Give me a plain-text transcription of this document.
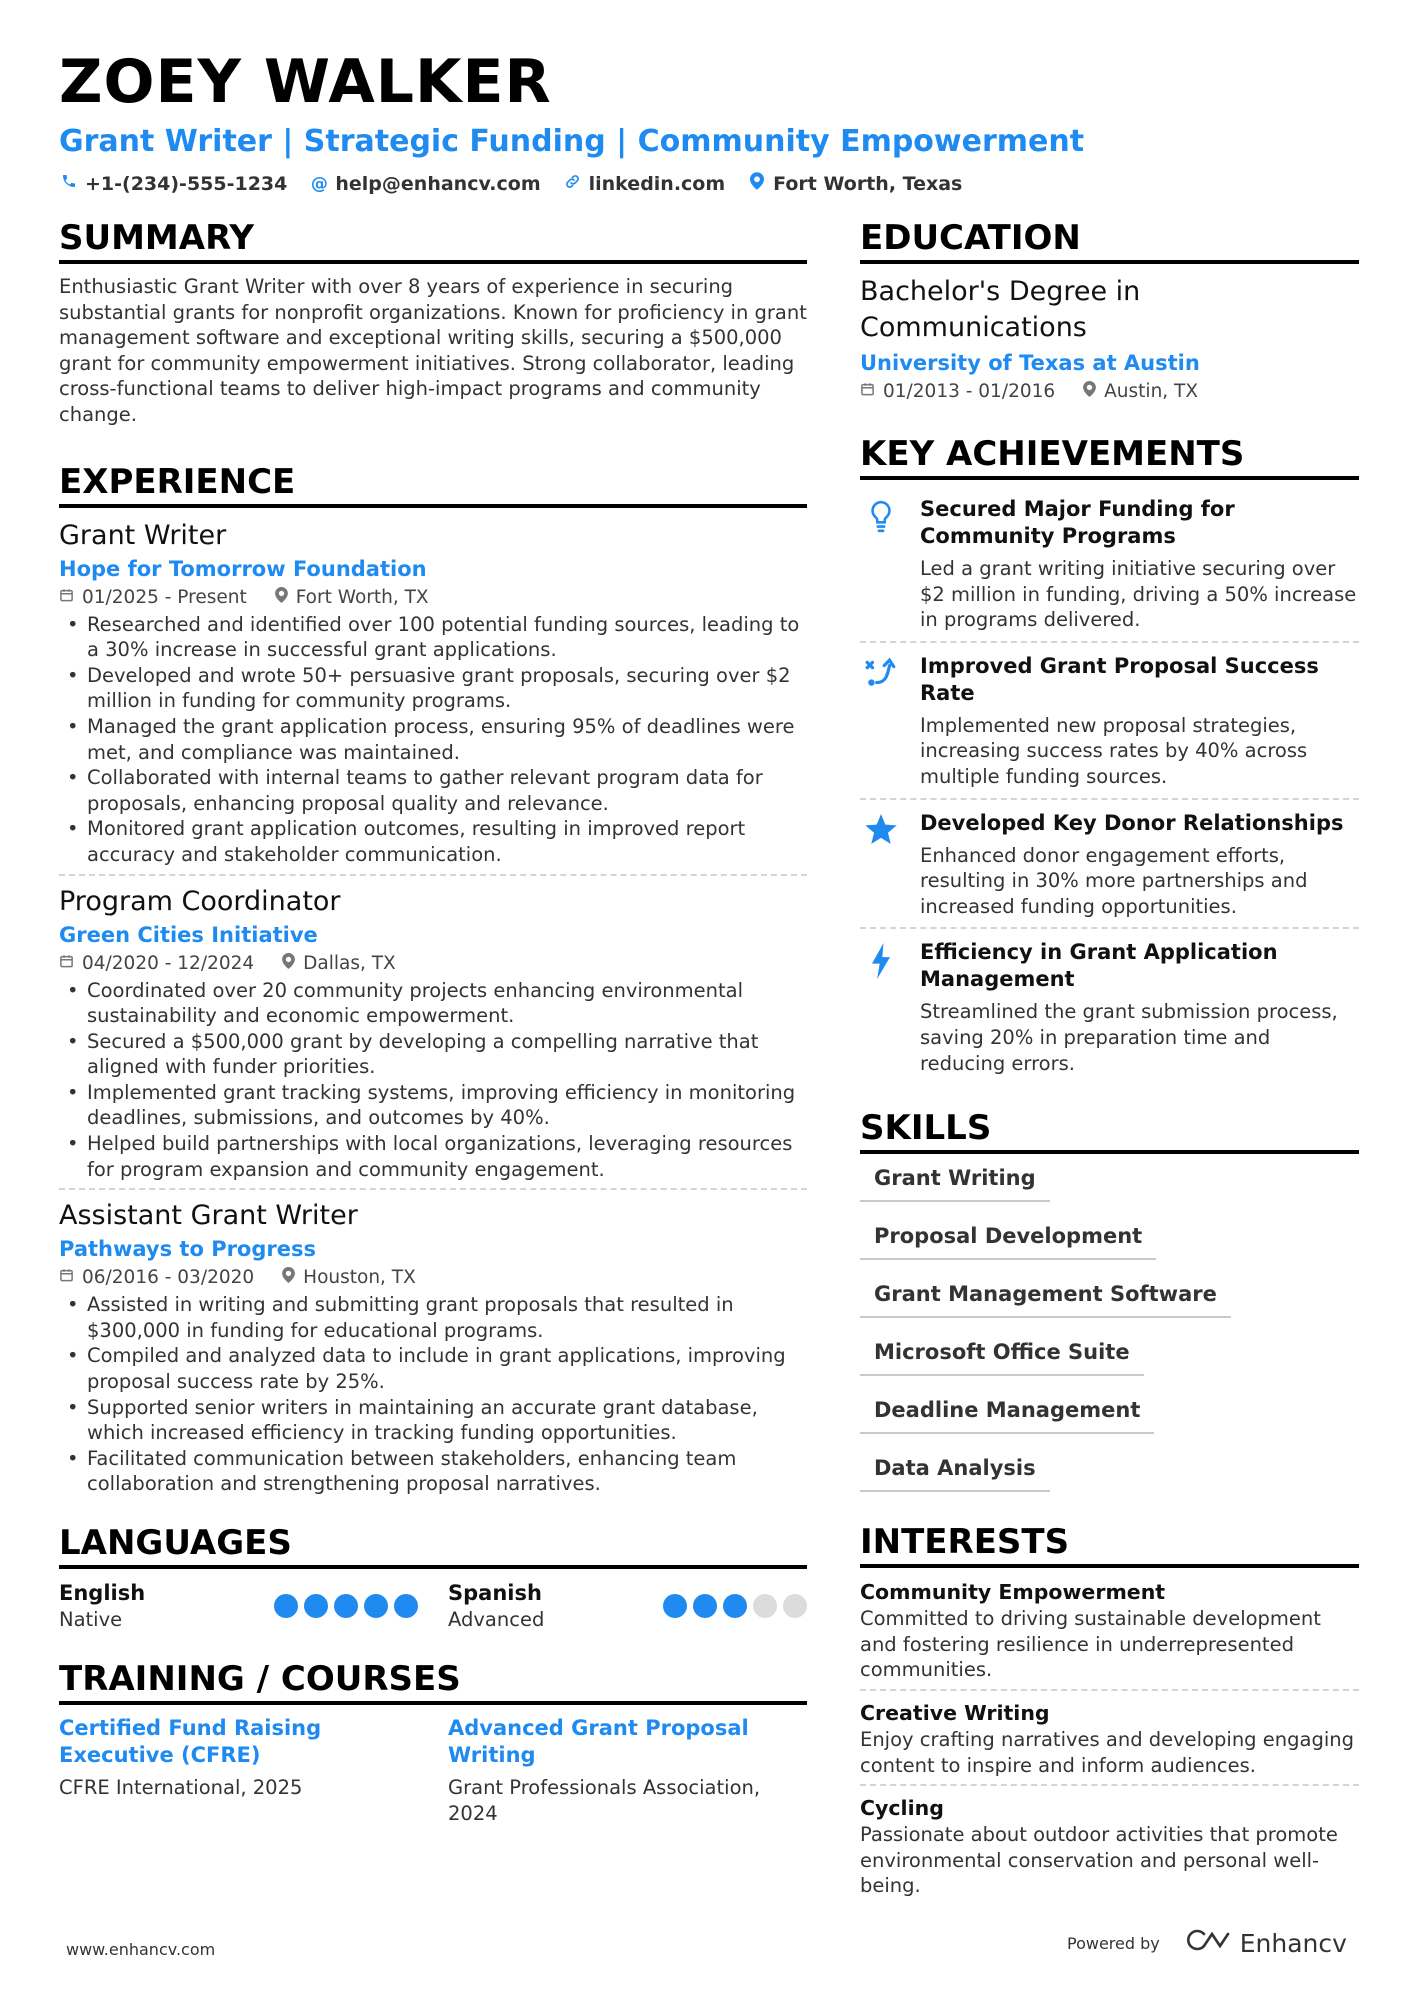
ZOEY WALKER
Grant Writer | Strategic Funding | Community Empowerment
+1-(234)-555-1234 @ help@enhancv.com	linkedin.com	Fort Worth, Texas
SUMMARY
Enthusiastic Grant Writer with over 8 years of experience in securing substantial grants for nonprofit organizations. Known for proficiency in grant management software and exceptional writing skills, securing a $500,000 grant for community empowerment initiatives. Strong collaborator, leading cross-functional teams to deliver high-impact programs and community change.
EXPERIENCE
Grant Writer
Hope for Tomorrow Foundation
01/2025 - Present	Fort Worth, TX
• Researched and identified over 100 potential funding sources, leading to a 30% increase in successful grant applications.
• Developed and wrote 50+ persuasive grant proposals, securing over $2 million in funding for community programs.
• Managed the grant application process, ensuring 95% of deadlines were met, and compliance was maintained.
• Collaborated with internal teams to gather relevant program data for proposals, enhancing proposal quality and relevance.
• Monitored grant application outcomes, resulting in improved report accuracy and stakeholder communication.
Program Coordinator
Green Cities Initiative
04/2020 - 12/2024	Dallas, TX
• Coordinated over 20 community projects enhancing environmental sustainability and economic empowerment.
• Secured a $500,000 grant by developing a compelling narrative that aligned with funder priorities.
• Implemented grant tracking systems, improving efficiency in monitoring deadlines, submissions, and outcomes by 40%.
• Helped build partnerships with local organizations, leveraging resources for program expansion and community engagement.
Assistant Grant Writer
Pathways to Progress
06/2016 - 03/2020	Houston, TX
• Assisted in writing and submitting grant proposals that resulted in $300,000 in funding for educational programs.
• Compiled and analyzed data to include in grant applications, improving proposal success rate by 25%.
• Supported senior writers in maintaining an accurate grant database, which increased efficiency in tracking funding opportunities.
• Facilitated communication between stakeholders, enhancing team collaboration and strengthening proposal narratives.
LANGUAGES
English
Native
Spanish
Advanced
TRAINING / COURSES
Certified Fund Raising Executive (CFRE)
CFRE International, 2025
Advanced Grant Proposal Writing
Grant Professionals Association, 2024
EDUCATION
Bachelor's Degree in Communications
University of Texas at Austin
01/2013 - 01/2016	Austin, TX
KEY ACHIEVEMENTS
Secured Major Funding for Community Programs
Led a grant writing initiative securing over $2 million in funding, driving a 50% increase in programs delivered.
Improved Grant Proposal Success Rate
Implemented new proposal strategies, increasing success rates by 40% across multiple funding sources.
Developed Key Donor Relationships
Enhanced donor engagement efforts, resulting in 30% more partnerships and increased funding opportunities.
Efficiency in Grant Application Management
Streamlined the grant submission process, saving 20% in preparation time and reducing errors.
SKILLS
Grant Writing
Proposal Development
Grant Management Software
Microsoft Office Suite
Deadline Management
Data Analysis
INTERESTS
Community Empowerment
Committed to driving sustainable development and fostering resilience in underrepresented communities.
Creative Writing
Enjoy crafting narratives and developing engaging content to inspire and inform audiences.
Cycling
Passionate about outdoor activities that promote environmental conservation and personal well-being.
www.enhancv.com	Powered by	Enhancv
